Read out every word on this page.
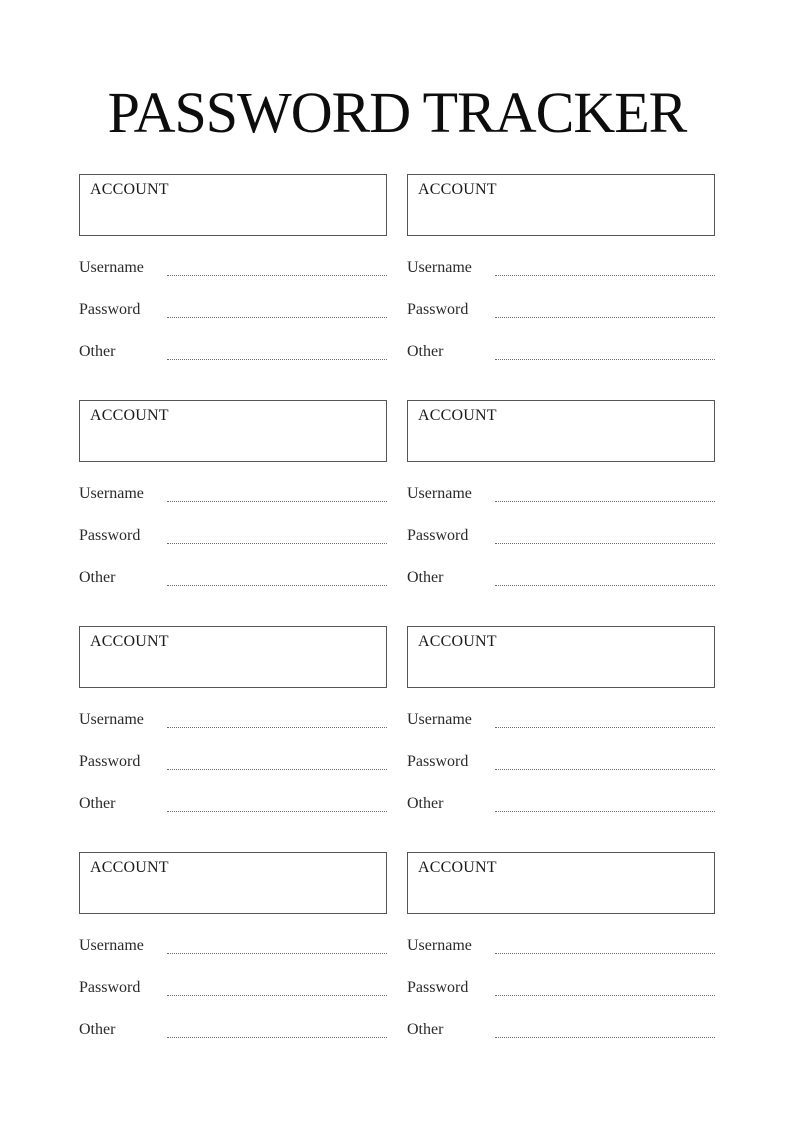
PASSWORD TRACKER
ACCOUNT
Username
Password
Other
ACCOUNT
Username
Password
Other
ACCOUNT
Username
Password
Other
ACCOUNT
Username
Password
Other
ACCOUNT
Username
Password
Other
ACCOUNT
Username
Password
Other
ACCOUNT
Username
Password
Other
ACCOUNT
Username
Password
Other
